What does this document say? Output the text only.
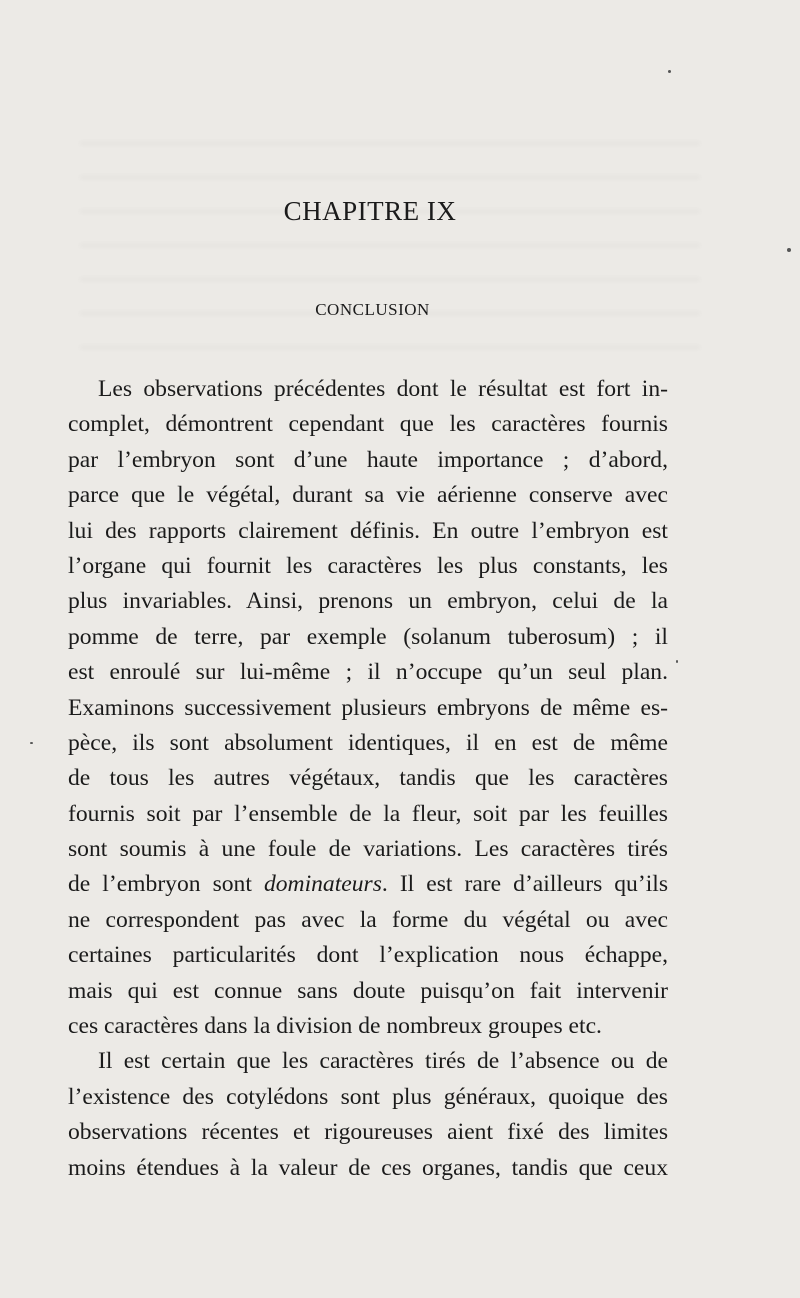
CHAPITRE IX
CONCLUSION
Les observations précédentes dont le résultat est fort in-
complet, démontrent cependant que les caractères fournis
par l’embryon sont d’une haute importance ; d’abord,
parce que le végétal, durant sa vie aérienne conserve avec
lui des rapports clairement définis. En outre l’embryon est
l’organe qui fournit les caractères les plus constants, les
plus invariables. Ainsi, prenons un embryon, celui de la
pomme de terre, par exemple (solanum tuberosum) ; il
est enroulé sur lui-même ; il n’occupe qu’un seul plan.
Examinons successivement plusieurs embryons de même es-
pèce, ils sont absolument identiques, il en est de même
de tous les autres végétaux, tandis que les caractères
fournis soit par l’ensemble de la fleur, soit par les feuilles
sont soumis à une foule de variations. Les caractères tirés
de l’embryon sont dominateurs. Il est rare d’ailleurs qu’ils
ne correspondent pas avec la forme du végétal ou avec
certaines particularités dont l’explication nous échappe,
mais qui est connue sans doute puisqu’on fait intervenir
ces caractères dans la division de nombreux groupes etc.
Il est certain que les caractères tirés de l’absence ou de
l’existence des cotylédons sont plus généraux, quoique des
observations récentes et rigoureuses aient fixé des limites
moins étendues à la valeur de ces organes, tandis que ceux
